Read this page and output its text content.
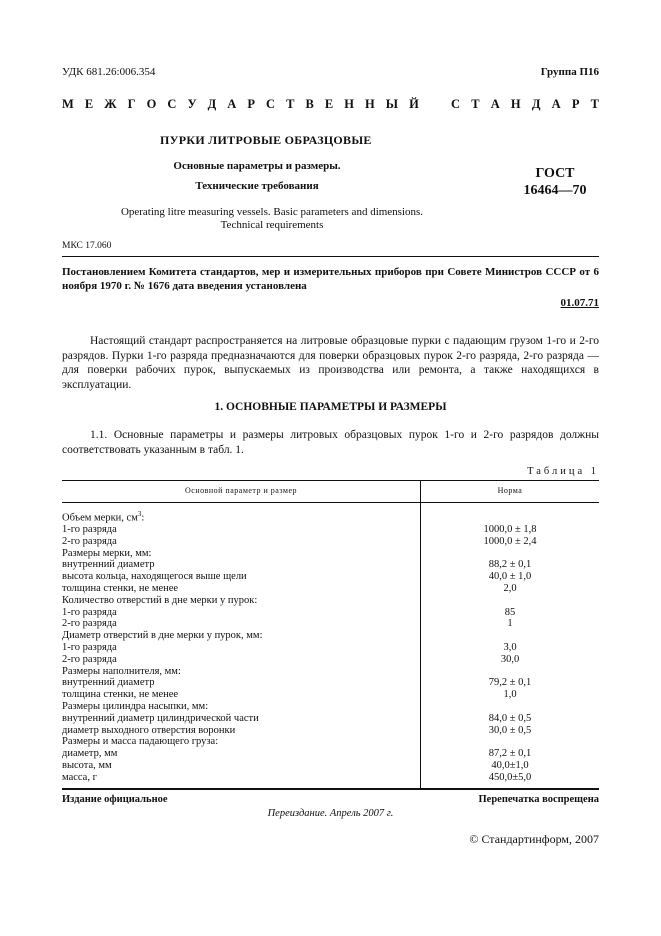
УДК 681.26:006.354	Группа П16
М Е Ж Г О С У Д А Р С Т В Е Н Н Ы Й	С Т А Н Д А Р Т
ПУРКИ ЛИТРОВЫЕ ОБРАЗЦОВЫЕ
Основные параметры и размеры.
Технические требования
ГОСТ
16464—70
Operating litre measuring vessels. Basic parameters and dimensions.
Technical requirements
МКС 17.060
Постановлением Комитета стандартов, мер и измерительных приборов при Совете Министров СССР от 6 ноября 1970 г. № 1676 дата введения установлена
01.07.71
Настоящий стандарт распространяется на литровые образцовые пурки с падающим грузом 1-го и 2-го разрядов. Пурки 1-го разряда предназначаются для поверки образцовых пурок 2-го разряда, 2-го разряда — для поверки рабочих пурок, выпускаемых из производства или ремонта, а также находящихся в эксплуатации.
1. ОСНОВНЫЕ ПАРАМЕТРЫ И РАЗМЕРЫ
1.1. Основные параметры и размеры литровых образцовых пурок 1-го и 2-го разрядов должны соответствовать указанным в табл. 1.
Таблица 1
Основной параметр и размер	Норма
Объем мерки, $см^3$:	
1-го разряда	1000,0 ± 1,8
2-го разряда	1000,0 ± 2,4
Размеры мерки, мм:	
внутренний диаметр	88,2 ± 0,1
высота кольца, находящегося выше щели	40,0 ± 1,0
толщина стенки, не менее	2,0
Количество отверстий в дне мерки у пурок:	
1-го разряда	85
2-го разряда	1
Диаметр отверстий в дне мерки у пурок, мм:	
1-го разряда	3,0
2-го разряда	30,0
Размеры наполнителя, мм:	
внутренний диаметр	79,2 ± 0,1
толщина стенки, не менее	1,0
Размеры цилиндра насыпки, мм:	
внутренний диаметр цилиндрической части	84,0 ± 0,5
диаметр выходного отверстия воронки	30,0 ± 0,5
Размеры и масса падающего груза:	
диаметр, мм	87,2 ± 0,1
высота, мм	40,0±1,0
масса, г	450,0±5,0
Издание официальное	Перепечатка воспрещена
Переиздание. Апрель 2007 г.
© Стандартинформ, 2007
